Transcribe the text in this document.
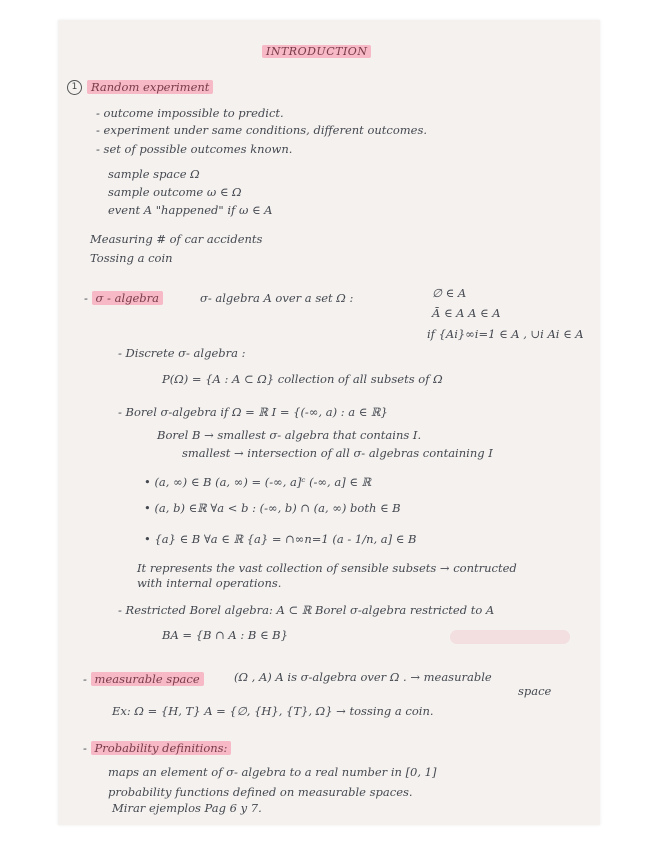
INTRODUCTION
1	Random experiment
- outcome impossible to predict.
- experiment under same conditions, different outcomes.
- set of possible outcomes known.
sample space Ω
sample outcome ω ∈ Ω
event A "happened" if ω ∈ A
Measuring # of car accidents
Tossing a coin
- σ - algebra	σ- algebra A over a set Ω :	∅ ∈ A
Ā ∈ A A ∈ A
if {Ai}∞i=1 ∈ A , ∪i Ai ∈ A
- Discrete σ- algebra :
P(Ω) = {A : A ⊂ Ω} collection of all subsets of Ω
- Borel σ-algebra if Ω = ℝ I = {(-∞, a) : a ∈ ℝ}
Borel B → smallest σ- algebra that contains I.
smallest → intersection of all σ- algebras containing I
• (a, ∞) ∈ B (a, ∞) = (-∞, a]ᶜ (-∞, a] ∈ ℝ
• (a, b) ∈ℝ ∀a < b : (-∞, b) ∩ (a, ∞) both ∈ B
• {a} ∈ B ∀a ∈ ℝ {a} = ∩∞n=1 (a - 1/n, a] ∈ B
It represents the vast collection of sensible subsets → contructed
with internal operations.
- Restricted Borel algebra: A ⊂ ℝ Borel σ-algebra restricted to A
BA = {B ∩ A : B ∈ B}
- measurable space	(Ω , A) A is σ-algebra over Ω . → measurable
space
Ex: Ω = {H, T} A = {∅, {H}, {T}, Ω} → tossing a coin.
- Probability definitions:
maps an element of σ- algebra to a real number in [0, 1]
probability functions defined on measurable spaces.
Mirar ejemplos Pag 6 y 7.
